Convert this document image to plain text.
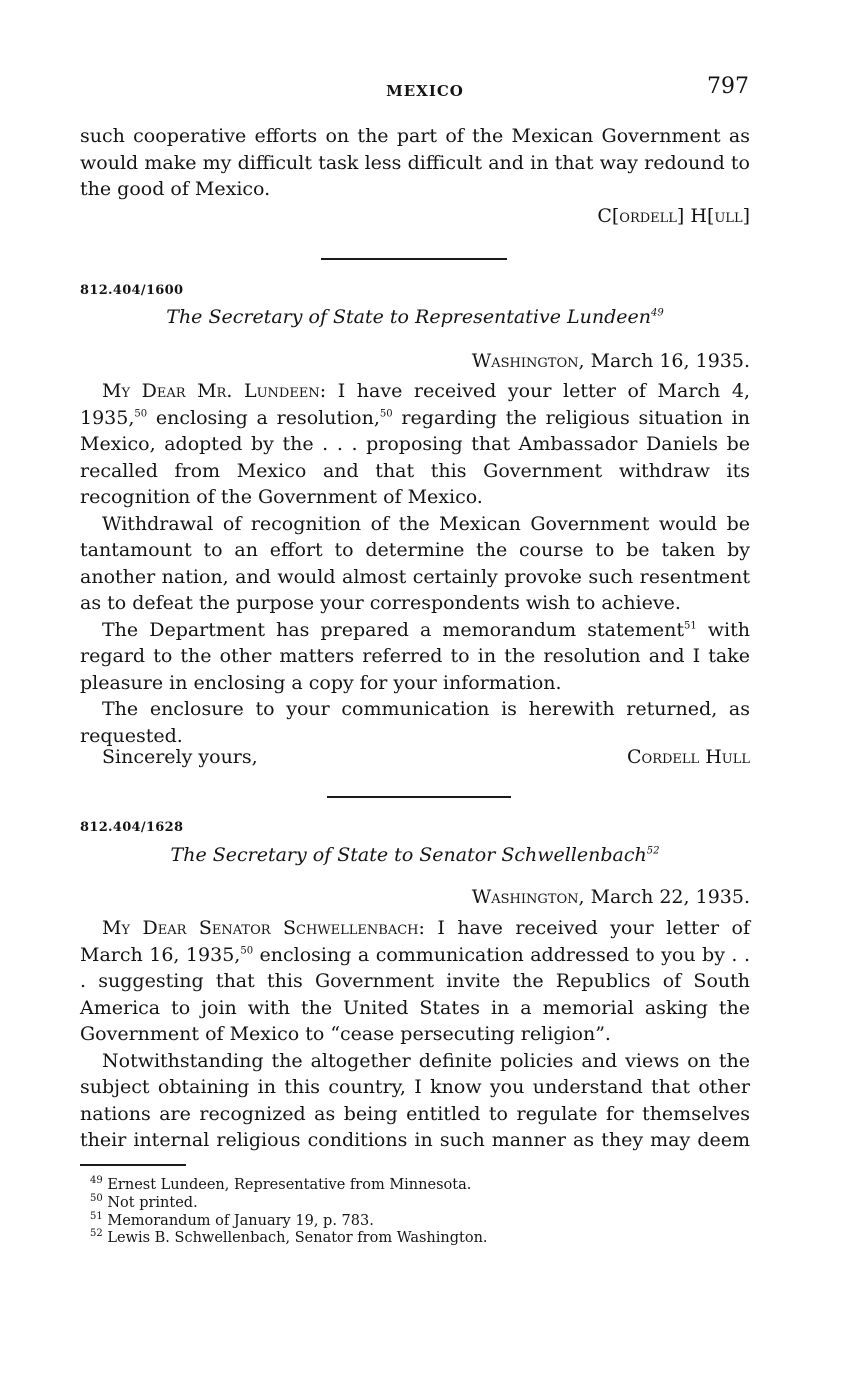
MEXICO	797
such cooperative efforts on the part of the Mexican Government as would make my difficult task less difficult and in that way redound to the good of Mexico.
C[ordell] H[ull]
812.404/1600
The Secretary of State to Representative Lundeen$^{49}$
Washington, March 16, 1935.
My Dear Mr. Lundeen: I have received your letter of March 4, 1935,50 enclosing a resolution,$^{50}$ regarding the religious situation in Mexico, adopted by the . . . proposing that Ambassador Daniels be recalled from Mexico and that this Government withdraw its recognition of the Government of Mexico.
Withdrawal of recognition of the Mexican Government would be tantamount to an effort to determine the course to be taken by another nation, and would almost certainly provoke such resentment as to defeat the purpose your correspondents wish to achieve.
The Department has prepared a memorandum statement$^{51}$ with regard to the other matters referred to in the resolution and I take pleasure in enclosing a copy for your information.
The enclosure to your communication is herewith returned, as requested.
Sincerely yours,	Cordell Hull
812.404/1628
The Secretary of State to Senator Schwellenbach$^{52}$
Washington, March 22, 1935.
My Dear Senator Schwellenbach: I have received your letter of March 16, 1935,50 enclosing a communication addressed to you by . . . suggesting that this Government invite the Republics of South America to join with the United States in a memorial asking the Government of Mexico to “cease persecuting religion”.
Notwithstanding the altogether definite policies and views on the subject obtaining in this country, I know you understand that other nations are recognized as being entitled to regulate for themselves their internal religious conditions in such manner as they may deem
$^{49}$ Ernest Lundeen, Representative from Minnesota.
$^{50}$ Not printed.
$^{51}$ Memorandum of January 19, p. 783.
$^{52}$ Lewis B. Schwellenbach, Senator from Washington.
